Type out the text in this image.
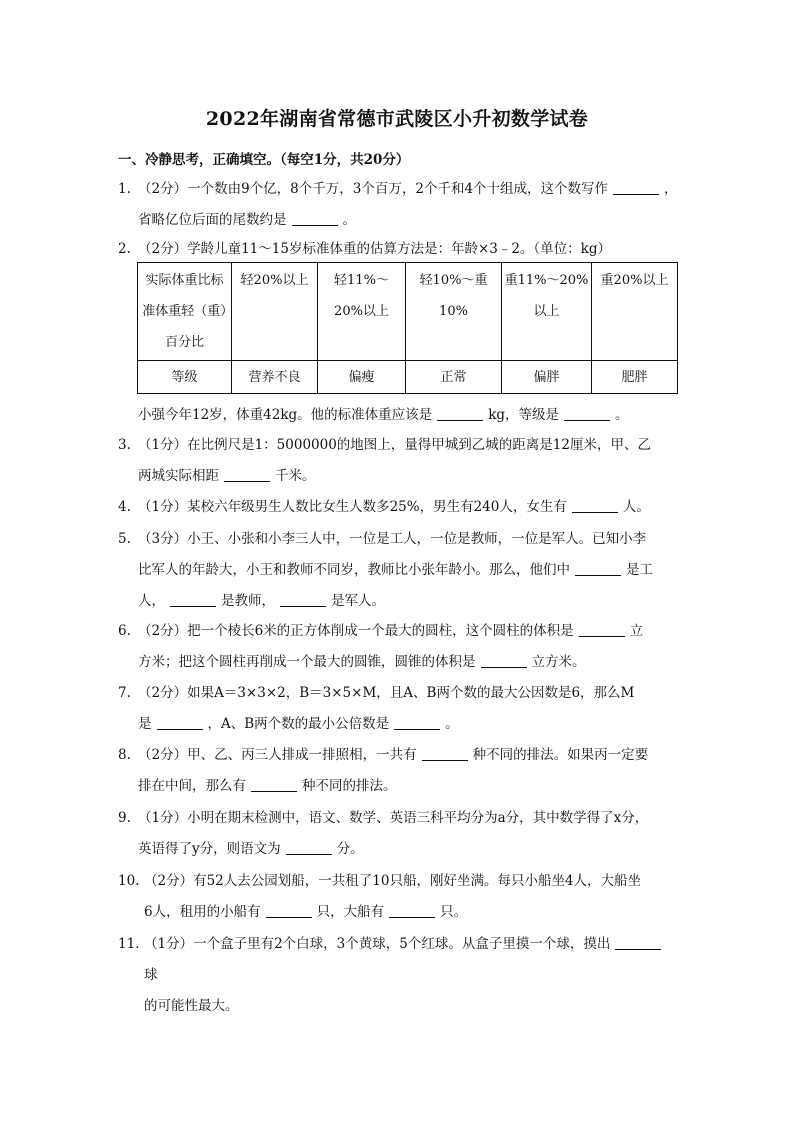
2022年湖南省常德市武陵区小升初数学试卷
一、冷静思考，正确填空。（每空1分，共20分）
1. （2分）一个数由9个亿，8个千万，3个百万，2个千和4个十组成，这个数写作	，
省略亿位后面的尾数约是	。
2. （2分）学龄儿童11～15岁标准体重的估算方法是：年龄×3﹣2。（单位：kg）
实际体重比标准体重轻（重）百分比	轻20%以上	轻11%～20%以上	轻10%～重10%	重11%～20%以上	重20%以上
等级	营养不良	偏瘦	正常	偏胖	肥胖
小强今年12岁，体重42kg。他的标准体重应该是	kg，等级是	。
3. （1分）在比例尺是1：5000000的地图上，量得甲城到乙城的距离是12厘米，甲、乙
两城实际相距	千米。
4. （1分）某校六年级男生人数比女生人数多25%，男生有240人，女生有	人。
5. （3分）小王、小张和小李三人中，一位是工人，一位是教师，一位是军人。已知小李
比军人的年龄大，小王和教师不同岁，教师比小张年龄小。那么，他们中	是工
人，	是教师，	是军人。
6. （2分）把一个棱长6米的正方体削成一个最大的圆柱，这个圆柱的体积是	立
方米；把这个圆柱再削成一个最大的圆锥，圆锥的体积是	立方米。
7. （2分）如果A＝3×3×2，B＝3×5×M，且A、B两个数的最大公因数是6，那么M
是	，A、B两个数的最小公倍数是	。
8. （2分）甲、乙、丙三人排成一排照相，一共有	种不同的排法。如果丙一定要
排在中间，那么有	种不同的排法。
9. （1分）小明在期末检测中，语文、数学、英语三科平均分为a分，其中数学得了x分，
英语得了y分，则语文为	分。
10. （2分）有52人去公园划船，一共租了10只船，刚好坐满。每只小船坐4人，大船坐
6人，租用的小船有	只，大船有	只。
11. （1分）一个盒子里有2个白球，3个黄球，5个红球。从盒子里摸一个球，摸出球
的可能性最大。
